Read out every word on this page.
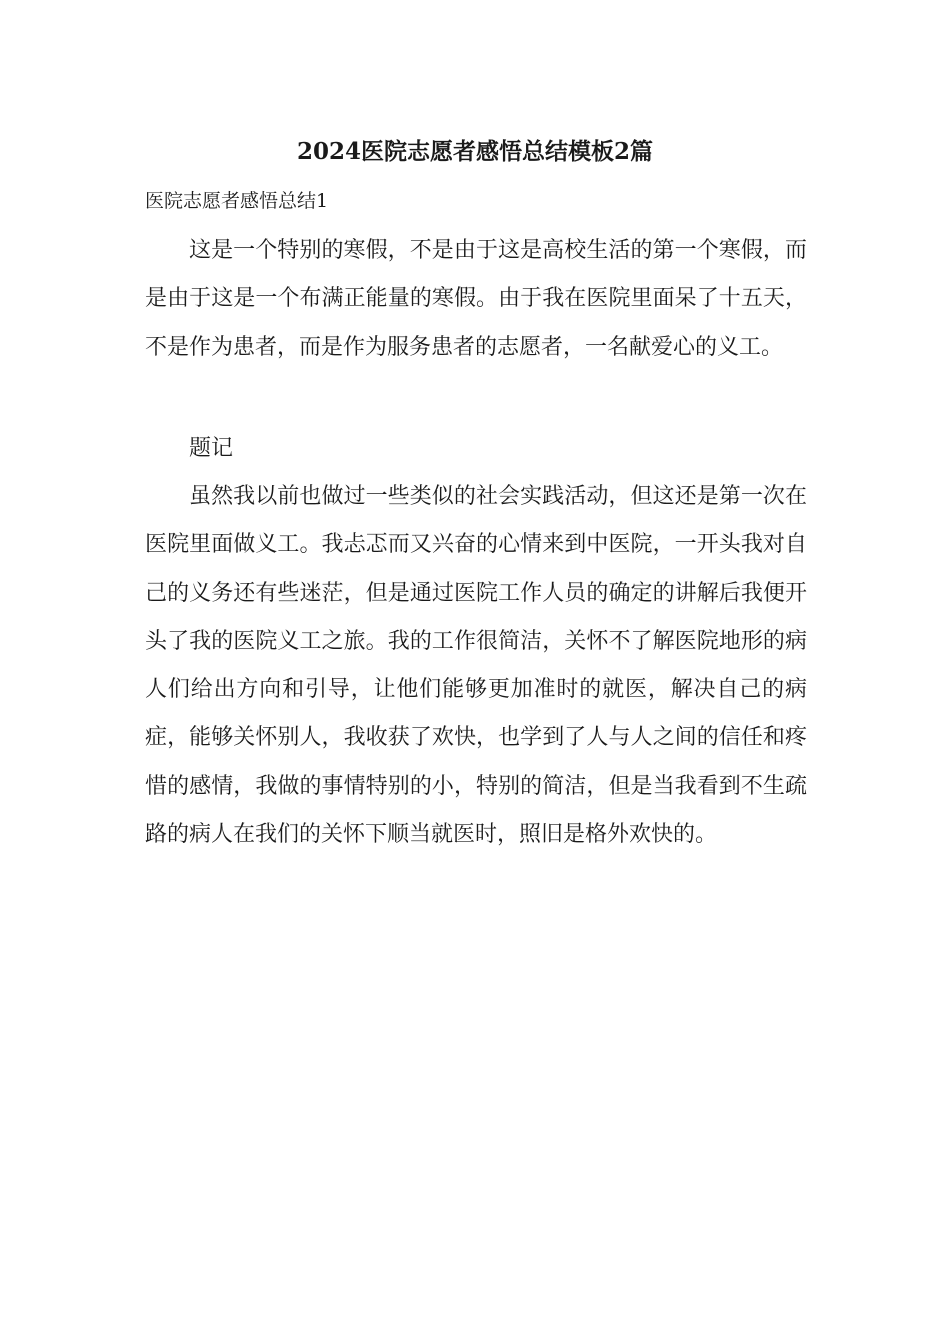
2024医院志愿者感悟总结模板2篇
医院志愿者感悟总结1

这是一个特别的寒假，不是由于这是高校生活的第一个寒假，而是由于这是一个布满正能量的寒假。由于我在医院里面呆了十五天，不是作为患者，而是作为服务患者的志愿者，一名献爱心的义工。

题记

虽然我以前也做过一些类似的社会实践活动，但这还是第一次在医院里面做义工。我忐忑而又兴奋的心情来到中医院，一开头我对自己的义务还有些迷茫，但是通过医院工作人员的确定的讲解后我便开头了我的医院义工之旅。我的工作很简洁，关怀不了解医院地形的病人们给出方向和引导，让他们能够更加准时的就医，解决自己的病症，能够关怀别人，我收获了欢快，也学到了人与人之间的信任和疼惜的感情，我做的事情特别的小，特别的简洁，但是当我看到不生疏路的病人在我们的关怀下顺当就医时，照旧是格外欢快的。
